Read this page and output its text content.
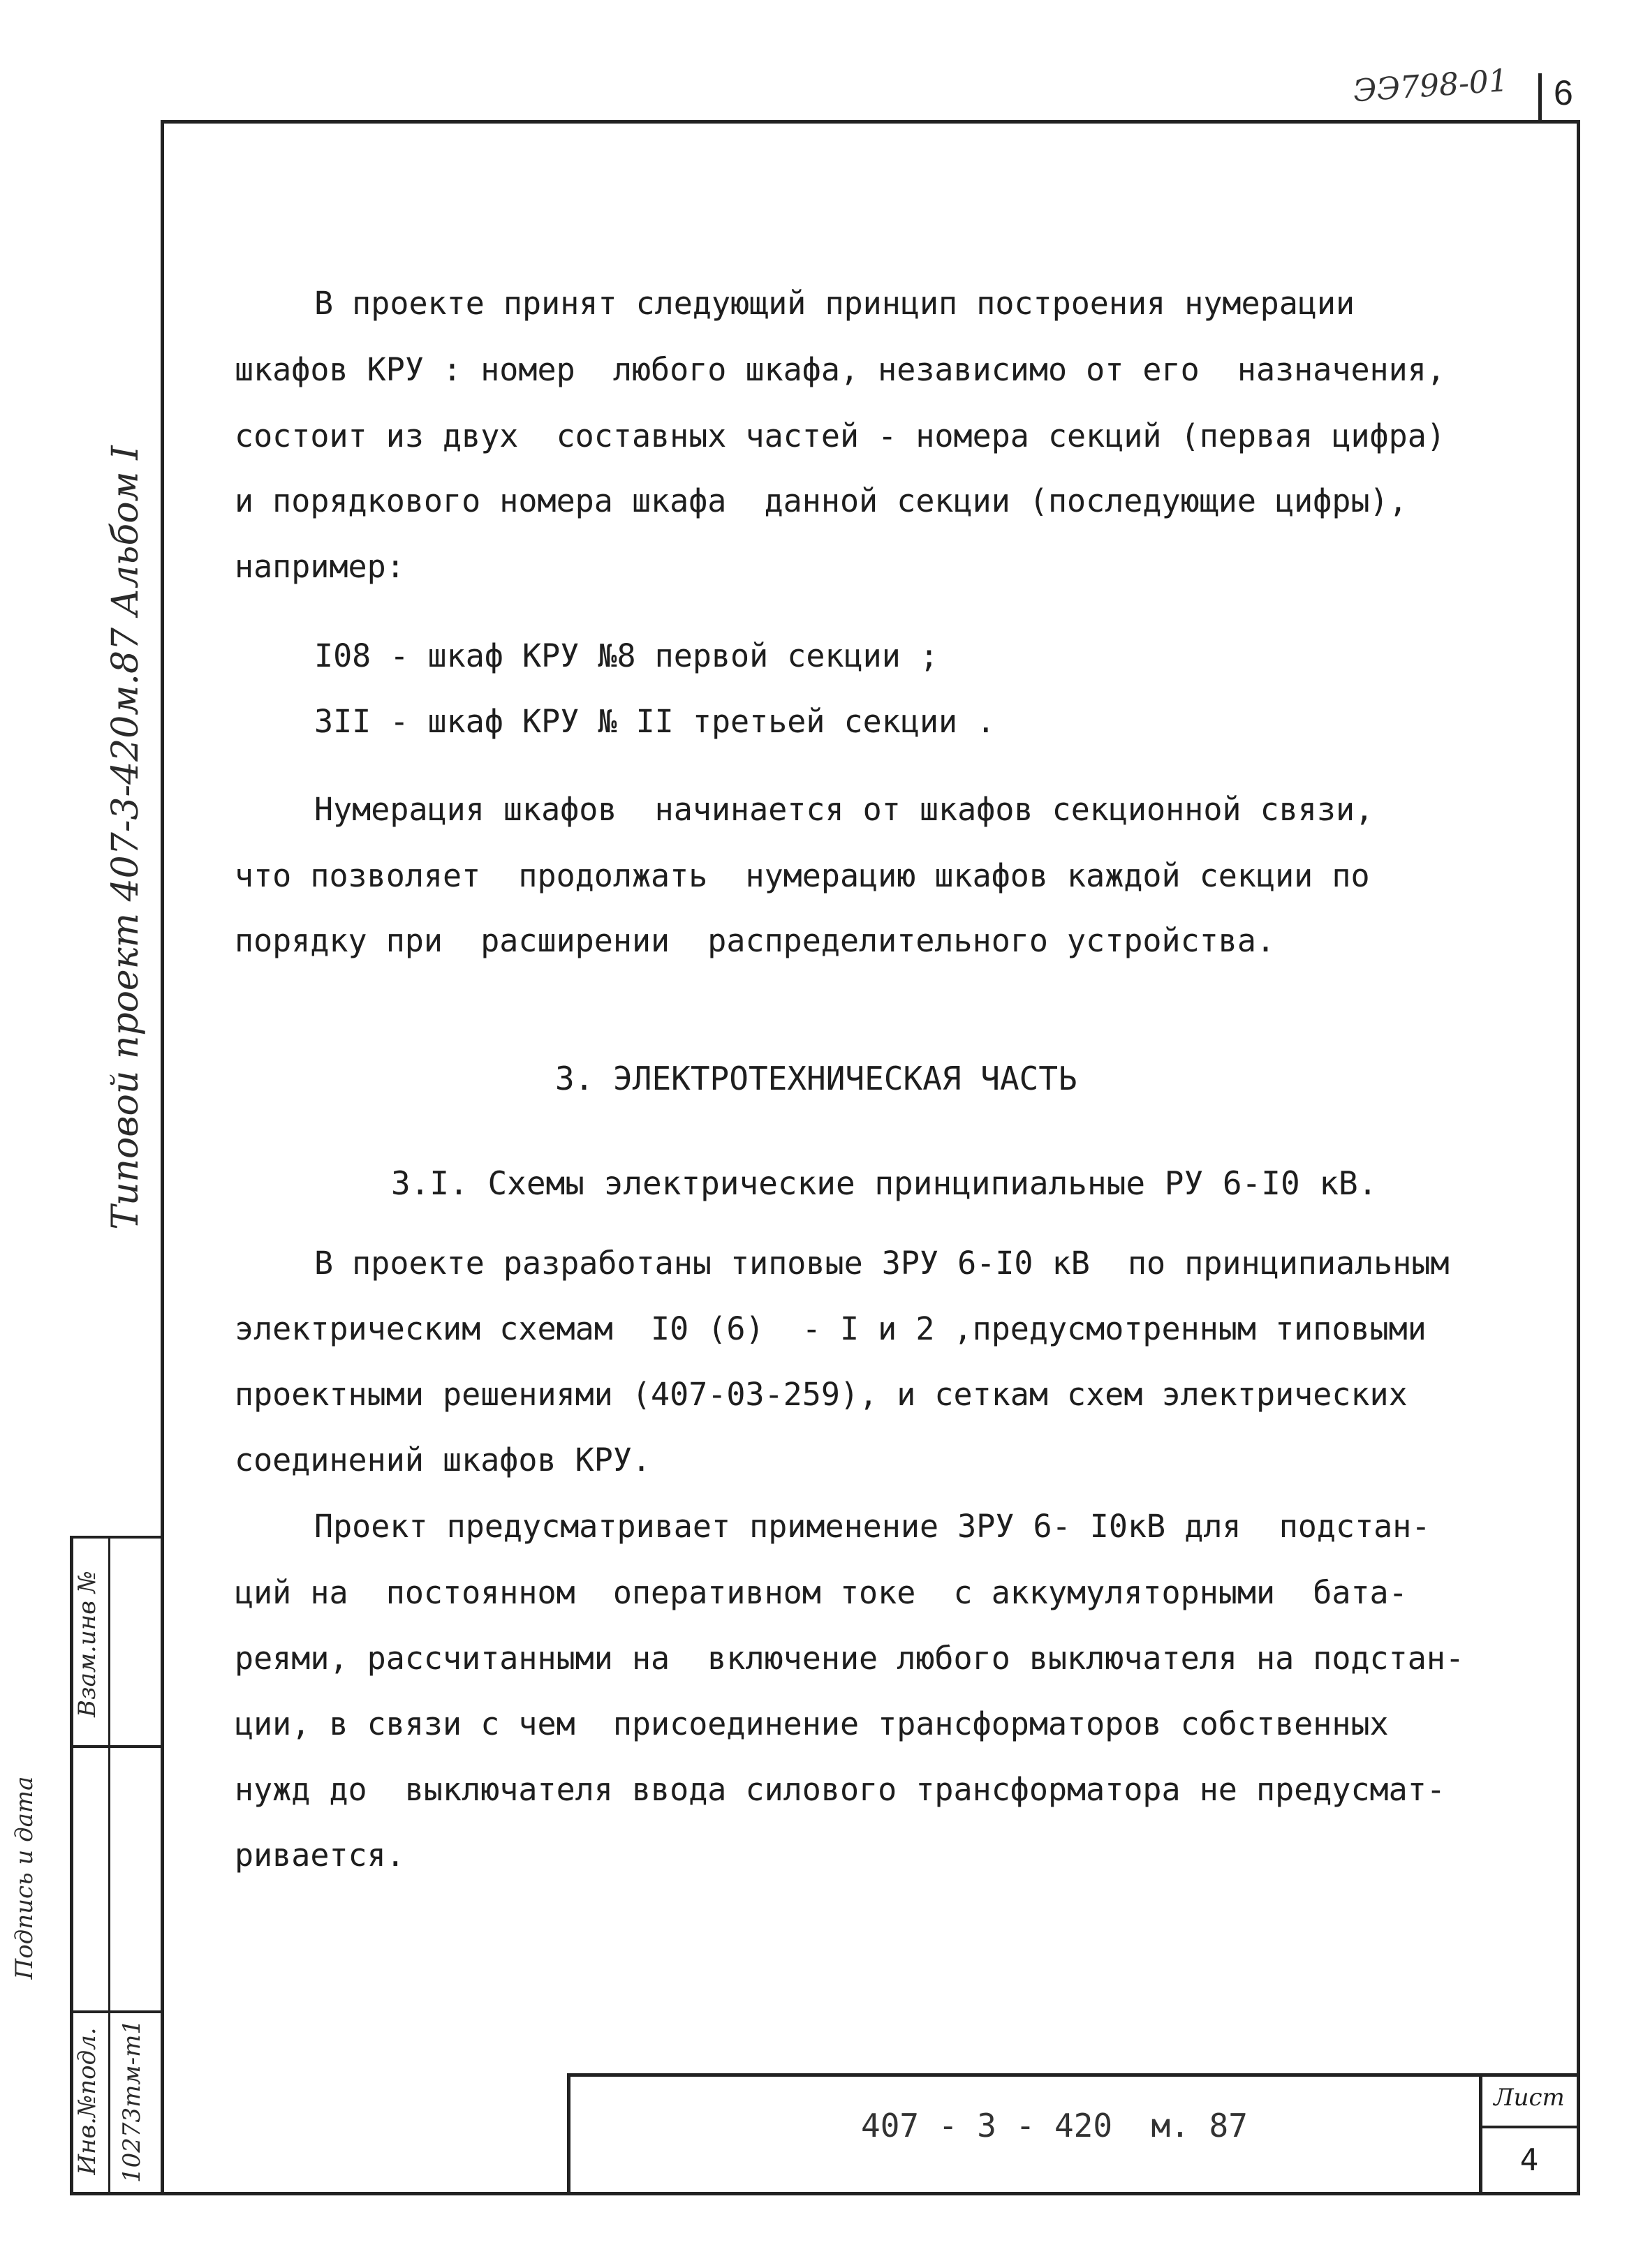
ЭЭ798-01 6
Типовой проект 407-3-420м.87 Альбом I
Взам.инв №
Подпись и дата
Инв.№подл. 10273тм-т1
В проекте принят следующий принцип построения нумерации
шкафов КРУ : номер  любого шкафа, независимо от его  назначения,
состоит из двух  составных частей - номера секций (первая цифра)
и порядкового номера шкафа  данной секции (последующие цифры),
например:
I08 - шкаф КРУ №8 первой секции ;
3II - шкаф КРУ № II третьей секции .
Нумерация шкафов  начинается от шкафов секционной связи,
что позволяет  продолжать  нумерацию шкафов каждой секции по
порядку при  расширении  распределительного устройства.
3. ЭЛЕКТРОТЕХНИЧЕСКАЯ ЧАСТЬ
3.I. Схемы электрические принципиальные РУ 6-I0 кВ.
В проекте разработаны типовые ЗРУ 6-I0 кВ  по принципиальным
электрическим схемам  I0 (6)  - I и 2 ,предусмотренным типовыми
проектными решениями (407-03-259), и сеткам схем электрических
соединений шкафов КРУ.
Проект предусматривает применение ЗРУ 6- I0кВ для  подстан-
ций на  постоянном  оперативном токе  с аккумуляторными  бата-
реями, рассчитанными на  включение любого выключателя на подстан-
ции, в связи с чем  присоединение трансформаторов собственных
нужд до  выключателя ввода силового трансформатора не предусмат-
ривается.
407 - 3 - 420  м. 87
Лист
4
